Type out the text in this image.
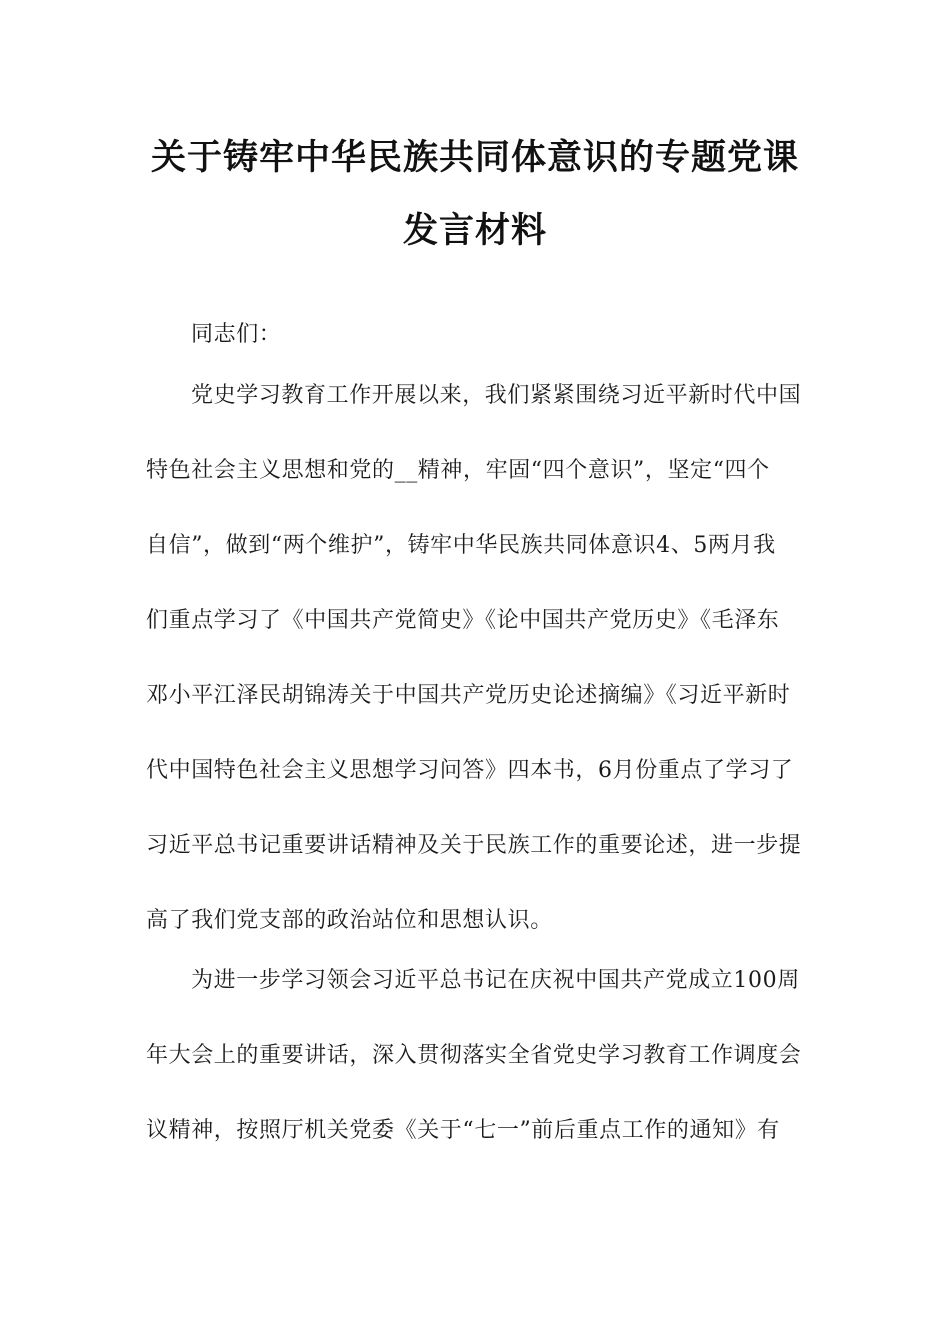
关于铸牢中华民族共同体意识的专题党课
发言材料
同志们：
党史学习教育工作开展以来，我们紧紧围绕习近平新时代中国
特色社会主义思想和党的__精神，牢固“四个意识”，坚定“四个
自信”，做到“两个维护”，铸牢中华民族共同体意识4、5两月我
们重点学习了《中国共产党简史》《论中国共产党历史》《毛泽东
邓小平江泽民胡锦涛关于中国共产党历史论述摘编》《习近平新时
代中国特色社会主义思想学习问答》四本书，6月份重点了学习了
习近平总书记重要讲话精神及关于民族工作的重要论述，进一步提
高了我们党支部的政治站位和思想认识。
为进一步学习领会习近平总书记在庆祝中国共产党成立100周
年大会上的重要讲话，深入贯彻落实全省党史学习教育工作调度会
议精神，按照厅机关党委《关于“七一”前后重点工作的通知》有
